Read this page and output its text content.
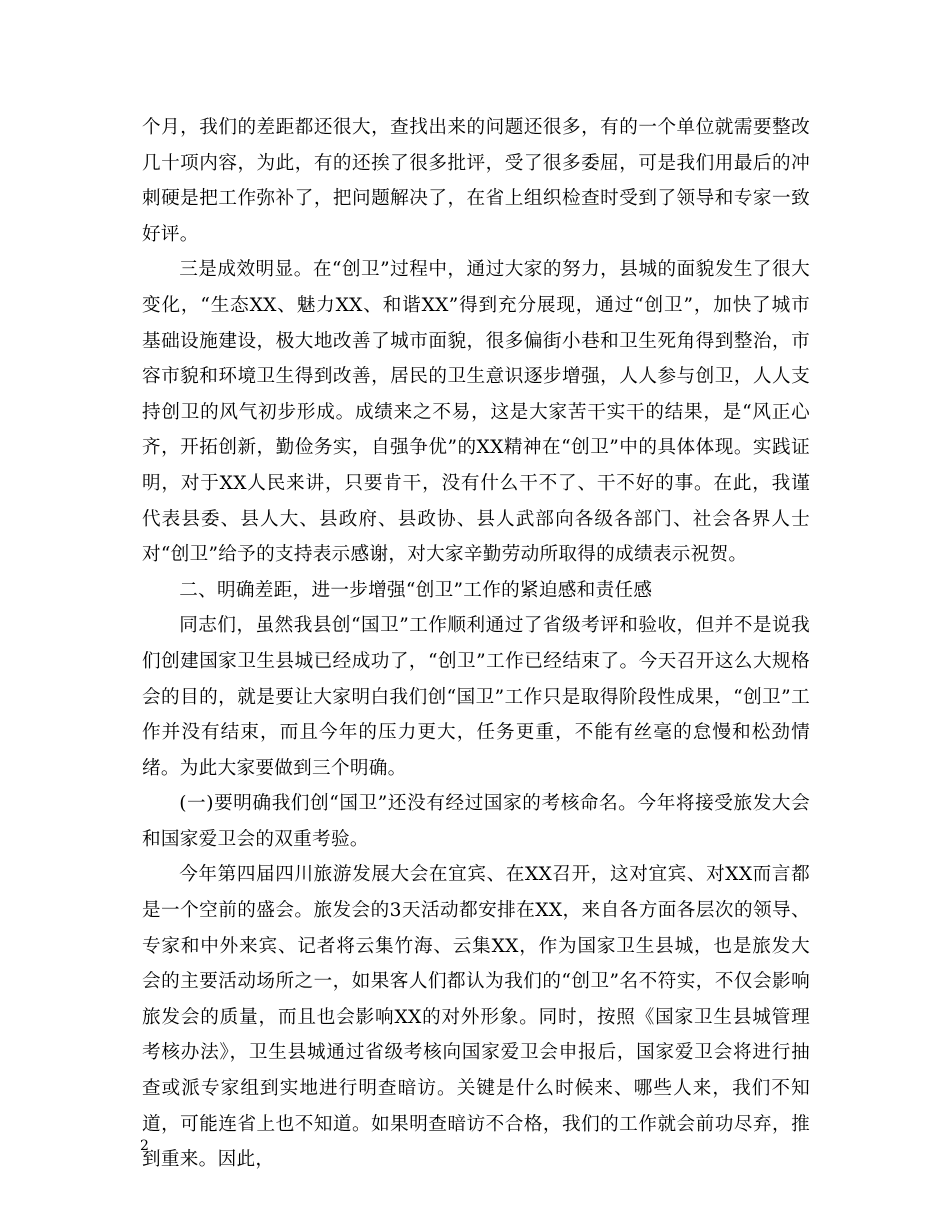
个月，我们的差距都还很大，查找出来的问题还很多，有的一个单位就需要整改几十项内容，为此，有的还挨了很多批评，受了很多委屈，可是我们用最后的冲刺硬是把工作弥补了，把问题解决了，在省上组织检查时受到了领导和专家一致好评。

三是成效明显。在“创卫”过程中，通过大家的努力，县城的面貌发生了很大变化，“生态XX、魅力XX、和谐XX”得到充分展现，通过“创卫”，加快了城市基础设施建设，极大地改善了城市面貌，很多偏街小巷和卫生死角得到整治，市容市貌和环境卫生得到改善，居民的卫生意识逐步增强，人人参与创卫，人人支持创卫的风气初步形成。成绩来之不易，这是大家苦干实干的结果，是“风正心齐，开拓创新，勤俭务实，自强争优”的XX精神在“创卫”中的具体体现。实践证明，对于XX人民来讲，只要肯干，没有什么干不了、干不好的事。在此，我谨代表县委、县人大、县政府、县政协、县人武部向各级各部门、社会各界人士对“创卫”给予的支持表示感谢，对大家辛勤劳动所取得的成绩表示祝贺。

二、明确差距，进一步增强“创卫”工作的紧迫感和责任感

同志们，虽然我县创“国卫”工作顺利通过了省级考评和验收，但并不是说我们创建国家卫生县城已经成功了，“创卫”工作已经结束了。今天召开这么大规格会的目的，就是要让大家明白我们创“国卫”工作只是取得阶段性成果，“创卫”工作并没有结束，而且今年的压力更大，任务更重，不能有丝毫的怠慢和松劲情绪。为此大家要做到三个明确。

(一)要明确我们创“国卫”还没有经过国家的考核命名。今年将接受旅发大会和国家爱卫会的双重考验。

今年第四届四川旅游发展大会在宜宾、在XX召开，这对宜宾、对XX而言都是一个空前的盛会。旅发会的3天活动都安排在XX，来自各方面各层次的领导、专家和中外来宾、记者将云集竹海、云集XX，作为国家卫生县城，也是旅发大会的主要活动场所之一，如果客人们都认为我们的“创卫”名不符实，不仅会影响旅发会的质量，而且也会影响XX的对外形象。同时，按照《国家卫生县城管理考核办法》，卫生县城通过省级考核向国家爱卫会申报后，国家爱卫会将进行抽查或派专家组到实地进行明查暗访。关键是什么时候来、哪些人来，我们不知道，可能连省上也不知道。如果明查暗访不合格，我们的工作就会前功尽弃，推到重来。因此，

2
